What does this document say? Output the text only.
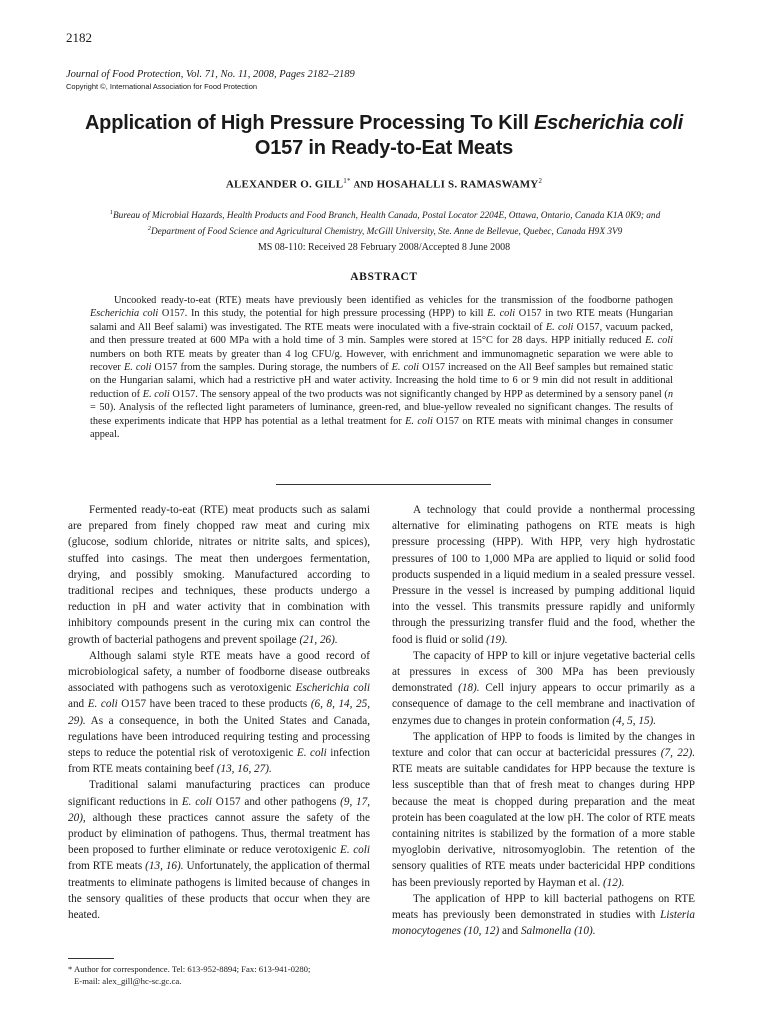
2182
Journal of Food Protection, Vol. 71, No. 11, 2008, Pages 2182–2189
Copyright ©, International Association for Food Protection
Application of High Pressure Processing To Kill Escherichia coli
O157 in Ready-to-Eat Meats
ALEXANDER O. $GILL^{1*}$ AND HOSAHALLI S. RAMASWAMY$^2$
$^1$Bureau of Microbial Hazards, Health Products and Food Branch, Health Canada, Postal Locator 2204E, Ottawa, Ontario, Canada K1A 0K9; and $^2$Department of Food Science and Agricultural Chemistry, McGill University, Ste. Anne de Bellevue, Quebec, Canada H9X 3V9
MS 08-110: Received 28 February 2008/Accepted 8 June 2008
ABSTRACT

Uncooked ready-to-eat (RTE) meats have previously been identified as vehicles for the transmission of the foodborne pathogen Escherichia coli O157. In this study, the potential for high pressure processing (HPP) to kill E. coli O157 in two RTE meats (Hungarian salami and All Beef salami) was investigated. The RTE meats were inoculated with a five-strain cocktail of E. coli O157, vacuum packed, and then pressure treated at 600 MPa with a hold time of 3 min. Samples were stored at 15°C for 28 days. HPP initially reduced E. coli numbers on both RTE meats by greater than 4 log CFU/g. However, with enrichment and immunomagnetic separation we were able to recover E. coli O157 from the samples. During storage, the numbers of E. coli O157 increased on the All Beef samples but remained static on the Hungarian salami, which had a restrictive pH and water activity. Increasing the hold time to 6 or 9 min did not result in additional reduction of E. coli O157. The sensory appeal of the two products was not significantly changed by HPP as determined by a sensory panel (n = 50). Analysis of the reflected light parameters of luminance, green-red, and blue-yellow revealed no significant changes. The results of these experiments indicate that HPP has potential as a lethal treatment for E. coli O157 on RTE meats with minimal changes in consumer appeal.

Fermented ready-to-eat (RTE) meat products such as salami are prepared from finely chopped raw meat and curing mix (glucose, sodium chloride, nitrates or nitrite salts, and spices), stuffed into casings. The meat then undergoes fermentation, drying, and possibly smoking. Manufactured according to traditional recipes and techniques, these products undergo a reduction in pH and water activity that in combination with inhibitory compounds present in the curing mix can control the growth of bacterial pathogens and prevent spoilage (21, 26).

Although salami style RTE meats have a good record of microbiological safety, a number of foodborne disease outbreaks associated with pathogens such as verotoxigenic Escherichia coli and E. coli O157 have been traced to these products (6, 8, 14, 25, 29). As a consequence, in both the United States and Canada, regulations have been introduced requiring testing and processing steps to reduce the potential risk of verotoxigenic E. coli infection from RTE meats containing beef (13, 16, 27).

Traditional salami manufacturing practices can produce significant reductions in E. coli O157 and other pathogens (9, 17, 20), although these practices cannot assure the safety of the product by elimination of pathogens. Thus, thermal treatment has been proposed to further eliminate or reduce verotoxigenic E. coli from RTE meats (13, 16). Unfortunately, the application of thermal treatments to eliminate pathogens is limited because of changes in the sensory qualities of these products that occur when they are heated.

* Author for correspondence. Tel: 613-952-8894; Fax: 613-941-0280;
E-mail: alex_gill@hc-sc.gc.ca.

A technology that could provide a nonthermal processing alternative for eliminating pathogens on RTE meats is high pressure processing (HPP). With HPP, very high hydrostatic pressures of 100 to 1,000 MPa are applied to liquid or solid food products suspended in a liquid medium in a sealed pressure vessel. Pressure in the vessel is increased by pumping additional liquid into the vessel. This transmits pressure rapidly and uniformly through the pressurizing transfer fluid and the food, whether the food is fluid or solid (19).

The capacity of HPP to kill or injure vegetative bacterial cells at pressures in excess of 300 MPa has been previously demonstrated (18). Cell injury appears to occur primarily as a consequence of damage to the cell membrane and inactivation of enzymes due to changes in protein conformation (4, 5, 15).

The application of HPP to foods is limited by the changes in texture and color that can occur at bactericidal pressures (7, 22). RTE meats are suitable candidates for HPP because the texture is less susceptible than that of fresh meat to changes during HPP because the meat is chopped during preparation and the meat protein has been coagulated at the low pH. The color of RTE meats containing nitrites is stabilized by the formation of a more stable myoglobin derivative, nitrosomyoglobin. The retention of the sensory qualities of RTE meats under bactericidal HPP conditions has been previously reported by Hayman et al. (12).

The application of HPP to kill bacterial pathogens on RTE meats has previously been demonstrated in studies with Listeria monocytogenes (10, 12) and Salmonella (10).
